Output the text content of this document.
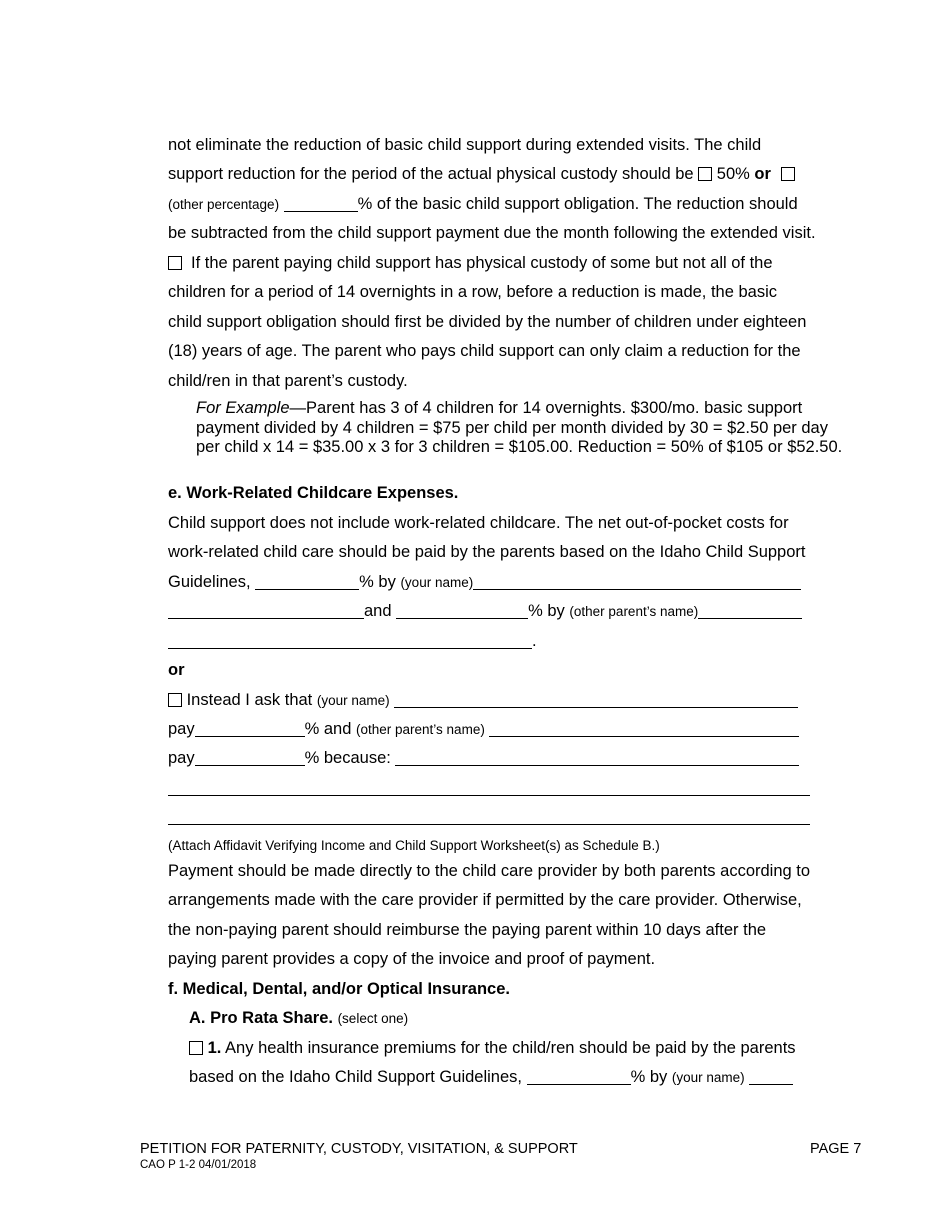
not eliminate the reduction of basic child support during extended visits. The child
support reduction for the period of the actual physical custody should be 50% or
(other percentage)	% of the basic child support obligation. The reduction should
be subtracted from the child support payment due the month following the extended visit.
If the parent paying child support has physical custody of some but not all of the
children for a period of 14 overnights in a row, before a reduction is made, the basic
child support obligation should first be divided by the number of children under eighteen
(18) years of age. The parent who pays child support can only claim a reduction for the
child/ren in that parent’s custody.
For Example—Parent has 3 of 4 children for 14 overnights. $300/mo. basic support payment divided by 4 children = $75 per child per month divided by 30 = $2.50 per day per child x 14 = $35.00 x 3 for 3 children = $105.00. Reduction = 50% of $105 or $52.50.
e. Work-Related Childcare Expenses.
Child support does not include work-related childcare. The net out-of-pocket costs for
work-related child care should be paid by the parents based on the Idaho Child Support
Guidelines,	% by (your name)
and	% by (other parent’s name)
.
or
Instead I ask that (your name)
pay	% and (other parent’s name)
pay	% because:
(Attach Affidavit Verifying Income and Child Support Worksheet(s) as Schedule B.)
Payment should be made directly to the child care provider by both parents according to
arrangements made with the care provider if permitted by the care provider. Otherwise,
the non-paying parent should reimburse the paying parent within 10 days after the
paying parent provides a copy of the invoice and proof of payment.
f. Medical, Dental, and/or Optical Insurance.
A. Pro Rata Share. (select one)
1. Any health insurance premiums for the child/ren should be paid by the parents
based on the Idaho Child Support Guidelines,	% by (your name)
PETITION FOR PATERNITY, CUSTODY, VISITATION, & SUPPORT	PAGE 7
CAO P 1-2 04/01/2018
